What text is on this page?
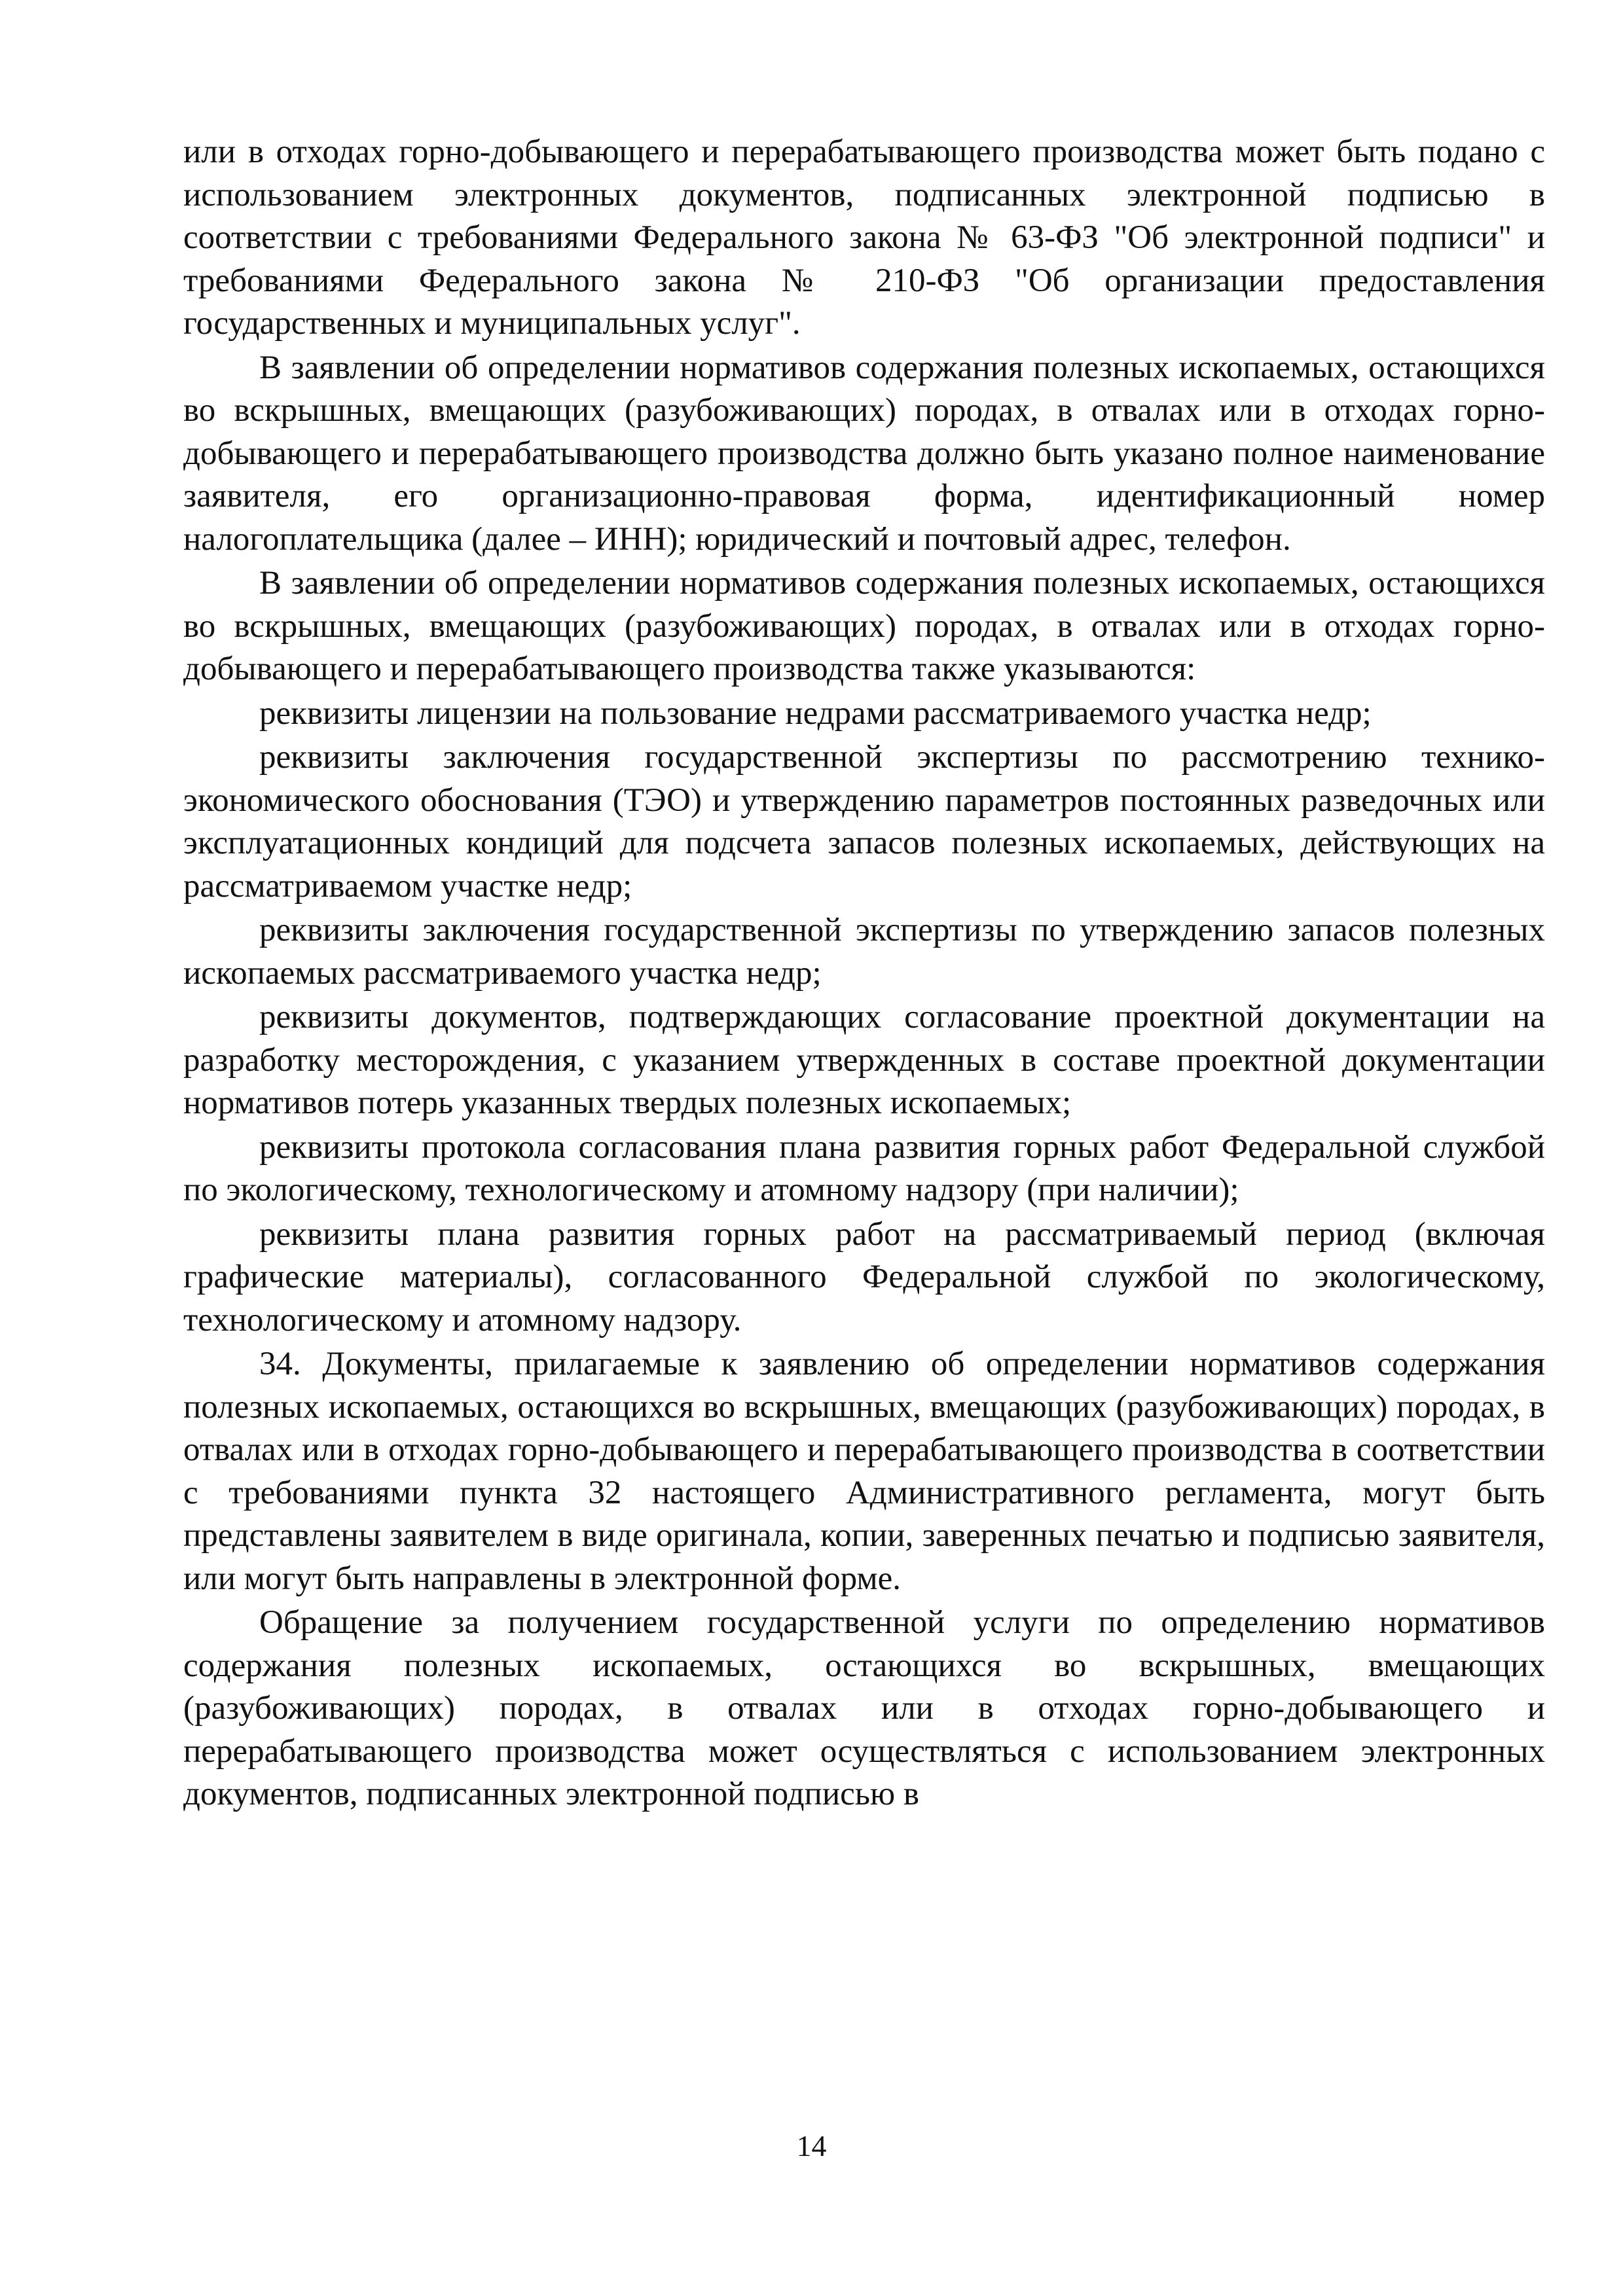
или в отходах горно-добывающего и перерабатывающего производства может быть подано с использованием электронных документов, подписанных электронной подписью в соответствии с требованиями Федерального закона № 63-ФЗ "Об электронной подписи" и требованиями Федерального закона № 210-ФЗ "Об организации предоставления государственных и муниципальных услуг".

В заявлении об определении нормативов содержания полезных ископаемых, остающихся во вскрышных, вмещающих (разубоживающих) породах, в отвалах или в отходах горно-добывающего и перерабатывающего производства должно быть указано полное наименование заявителя, его организационно-правовая форма, идентификационный номер налогоплательщика (далее – ИНН); юридический и почтовый адрес, телефон.

В заявлении об определении нормативов содержания полезных ископаемых, остающихся во вскрышных, вмещающих (разубоживающих) породах, в отвалах или в отходах горно-добывающего и перерабатывающего производства также указываются:

реквизиты лицензии на пользование недрами рассматриваемого участка недр;

реквизиты заключения государственной экспертизы по рассмотрению технико-экономического обоснования (ТЭО) и утверждению параметров постоянных разведочных или эксплуатационных кондиций для подсчета запасов полезных ископаемых, действующих на рассматриваемом участке недр;

реквизиты заключения государственной экспертизы по утверждению запасов полезных ископаемых рассматриваемого участка недр;

реквизиты документов, подтверждающих согласование проектной документации на разработку месторождения, с указанием утвержденных в составе проектной документации нормативов потерь указанных твердых полезных ископаемых;

реквизиты протокола согласования плана развития горных работ Федеральной службой по экологическому, технологическому и атомному надзору (при наличии);

реквизиты плана развития горных работ на рассматриваемый период (включая графические материалы), согласованного Федеральной службой по экологическому, технологическому и атомному надзору.

34. Документы, прилагаемые к заявлению об определении нормативов содержания полезных ископаемых, остающихся во вскрышных, вмещающих (разубоживающих) породах, в отвалах или в отходах горно-добывающего и перерабатывающего производства в соответствии с требованиями пункта 32 настоящего Административного регламента, могут быть представлены заявителем в виде оригинала, копии, заверенных печатью и подписью заявителя, или могут быть направлены в электронной форме.

Обращение за получением государственной услуги по определению нормативов содержания полезных ископаемых, остающихся во вскрышных, вмещающих (разубоживающих) породах, в отвалах или в отходах горно-добывающего и перерабатывающего производства может осуществляться с использованием электронных документов, подписанных электронной подписью в

14
